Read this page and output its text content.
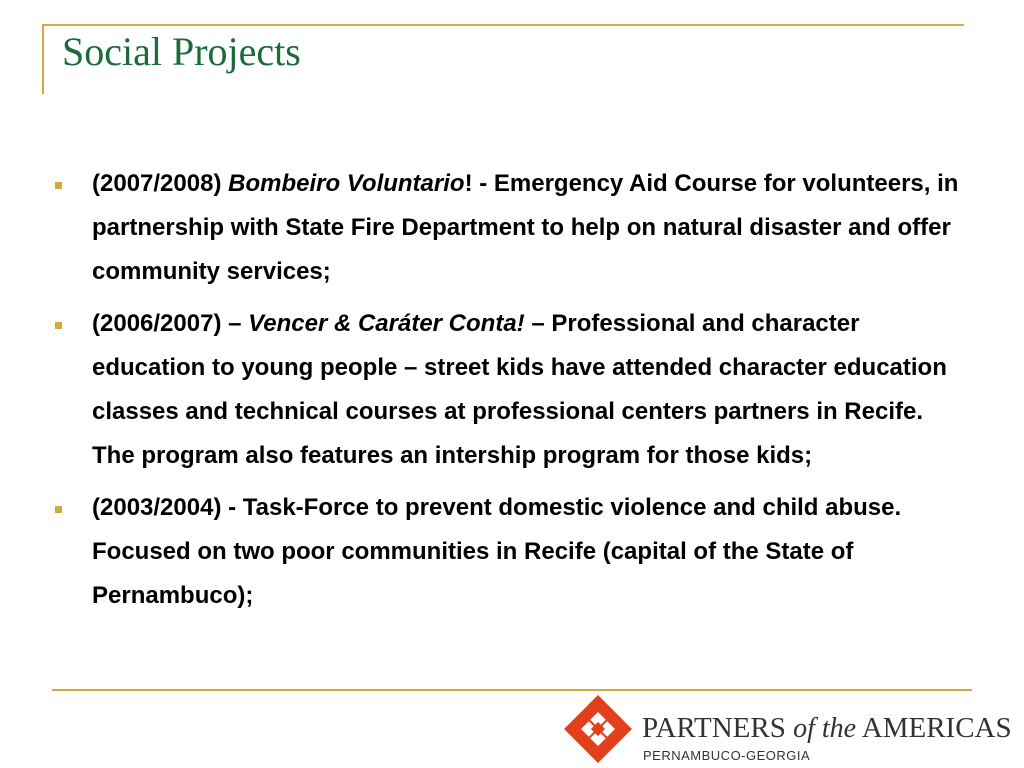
Social Projects
(2007/2008) Bombeiro Voluntario! - Emergency Aid Course for volunteers, in partnership with State Fire Department to help on natural disaster and offer community services;
(2006/2007) – Vencer & Caráter Conta! – Professional and character education to young people – street kids have attended character education classes and technical courses at professional centers partners in Recife. The program also features an intership program for those kids;
(2003/2004) - Task-Force to prevent domestic violence and child abuse. Focused on two poor communities in Recife (capital of the State of Pernambuco);
PARTNERS of the AMERICAS
PERNAMBUCO-GEORGIA
